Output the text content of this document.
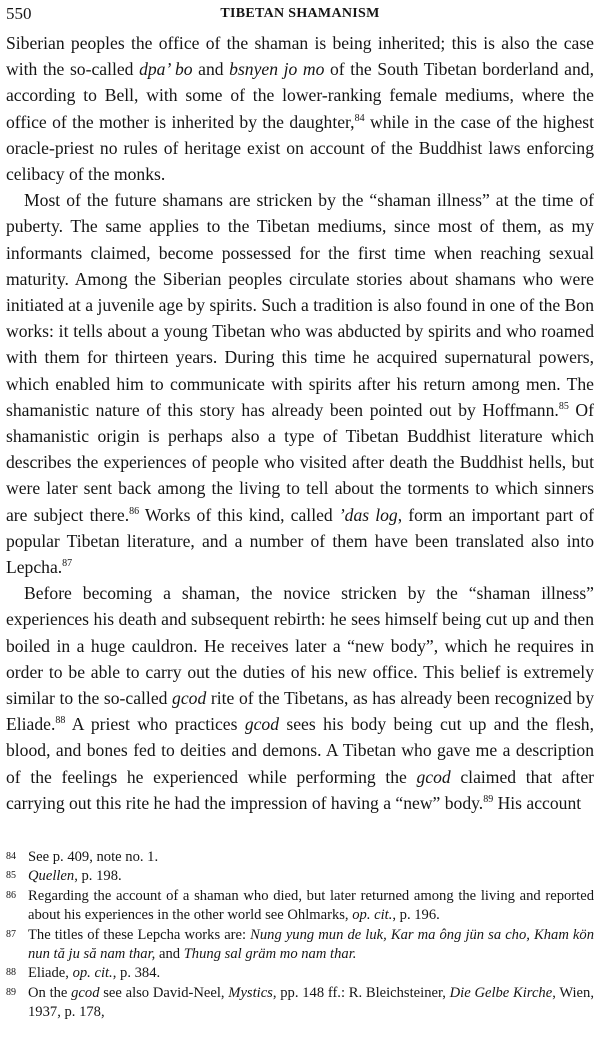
550	TIBETAN SHAMANISM

Siberian peoples the office of the shaman is being inherited; this is also the case with the so-called dpa’ bo and bsnyen jo mo of the South Tibetan borderland and, according to Bell, with some of the lower-ranking female mediums, where the office of the mother is inherited by the daughter,$^{84}$ while in the case of the highest oracle-priest no rules of heritage exist on account of the Buddhist laws enforcing celibacy of the monks.

Most of the future shamans are stricken by the “shaman illness” at the time of puberty. The same applies to the Tibetan mediums, since most of them, as my informants claimed, become possessed for the first time when reaching sexual maturity. Among the Siberian peoples circulate stories about shamans who were initiated at a juvenile age by spirits. Such a tradition is also found in one of the Bon works: it tells about a young Tibetan who was abducted by spirits and who roamed with them for thirteen years. During this time he acquired supernatural powers, which enabled him to communicate with spirits after his return among men. The shamanistic nature of this story has already been pointed out by Hoffmann.$^{85}$ Of shamanistic origin is perhaps also a type of Tibetan Buddhist literature which describes the experiences of people who visited after death the Buddhist hells, but were later sent back among the living to tell about the torments to which sinners are subject there.$^{86}$ Works of this kind, called ’das log, form an important part of popular Tibetan literature, and a number of them have been translated also into Lepcha.$^{87}$

Before becoming a shaman, the novice stricken by the “shaman illness” experiences his death and subsequent rebirth: he sees himself being cut up and then boiled in a huge cauldron. He receives later a “new body”, which he requires in order to be able to carry out the duties of his new office. This belief is extremely similar to the so-called gcod rite of the Tibetans, as has already been recognized by Eliade.$^{88}$ A priest who practices gcod sees his body being cut up and the flesh, blood, and bones fed to deities and demons. A Tibetan who gave me a description of the feelings he experienced while performing the gcod claimed that after carrying out this rite he had the impression of having a “new” body.$^{89}$ His account

84 See p. 409, note no. 1.

85 Quellen, p. 198.

86 Regarding the account of a shaman who died, but later returned among the living and reported about his experiences in the other world see Ohlmarks, op. cit., p. 196.

87 The titles of these Lepcha works are: Nung yung mun de luk, Kar ma ông jün sa cho, Kham kön nun tă ju să nam thar, and Thung sal gräm mo nam thar.

88 Eliade, op. cit., p. 384.

89 On the gcod see also David-Neel, Mystics, pp. 148 ff.: R. Bleichsteiner, Die Gelbe Kirche, Wien, 1937, p. 178,
